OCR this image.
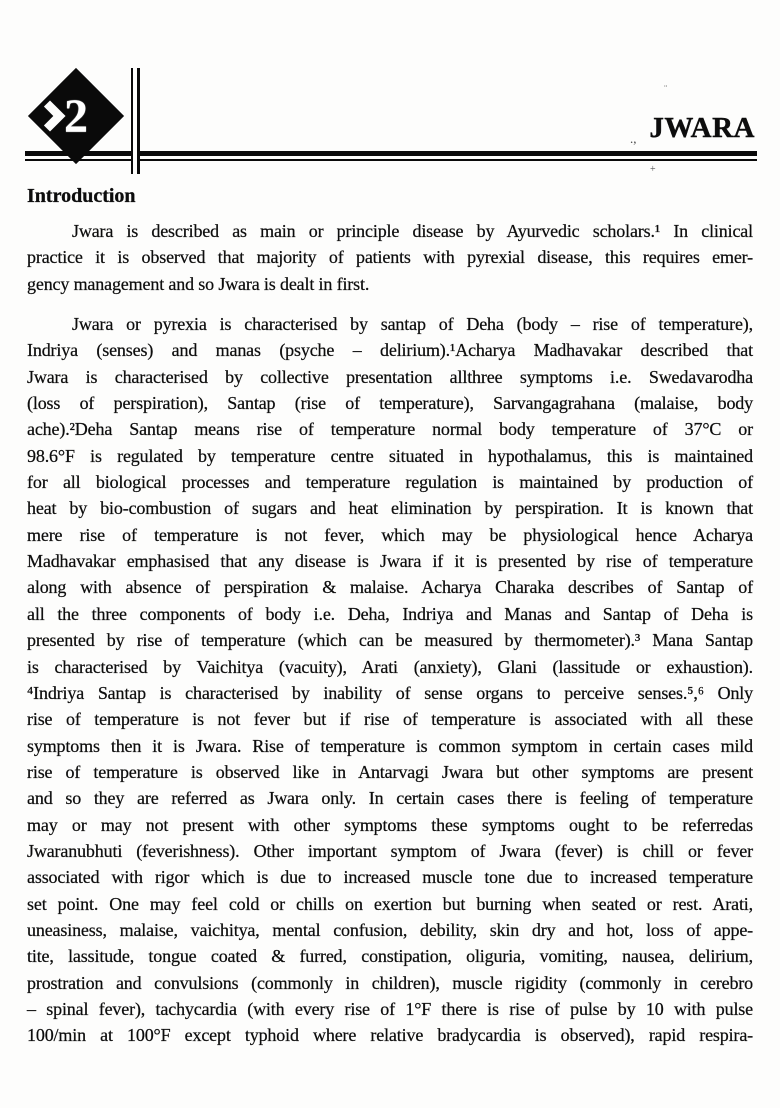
2	¨
., JWARA
+
Introduction
Jwara is described as main or principle disease by Ayurvedic scholars.¹ In clinical
practice it is observed that majority of patients with pyrexial disease, this requires emer-
gency management and so Jwara is dealt in first.
Jwara or pyrexia is characterised by santap of Deha (body – rise of temperature),
Indriya (senses) and manas (psyche – delirium).¹Acharya Madhavakar described that
Jwara is characterised by collective presentation allthree symptoms i.e. Swedavarodha
(loss of perspiration), Santap (rise of temperature), Sarvangagrahana (malaise, body
ache).²Deha Santap means rise of temperature normal body temperature of 37°C or
98.6°F is regulated by temperature centre situated in hypothalamus, this is maintained
for all biological processes and temperature regulation is maintained by production of
heat by bio-combustion of sugars and heat elimination by perspiration. It is known that
mere rise of temperature is not fever, which may be physiological hence Acharya
Madhavakar emphasised that any disease is Jwara if it is presented by rise of temperature
along with absence of perspiration & malaise. Acharya Charaka describes of Santap of
all the three components of body i.e. Deha, Indriya and Manas and Santap of Deha is
presented by rise of temperature (which can be measured by thermometer).³ Mana Santap
is characterised by Vaichitya (vacuity), Arati (anxiety), Glani (lassitude or exhaustion).
⁴Indriya Santap is characterised by inability of sense organs to perceive senses.⁵,⁶ Only
rise of temperature is not fever but if rise of temperature is associated with all these
symptoms then it is Jwara. Rise of temperature is common symptom in certain cases mild
rise of temperature is observed like in Antarvagi Jwara but other symptoms are present
and so they are referred as Jwara only. In certain cases there is feeling of temperature
may or may not present with other symptoms these symptoms ought to be referredas
Jwaranubhuti (feverishness). Other important symptom of Jwara (fever) is chill or fever
associated with rigor which is due to increased muscle tone due to increased temperature
set point. One may feel cold or chills on exertion but burning when seated or rest. Arati,
uneasiness, malaise, vaichitya, mental confusion, debility, skin dry and hot, loss of appe-
tite, lassitude, tongue coated & furred, constipation, oliguria, vomiting, nausea, delirium,
prostration and convulsions (commonly in children), muscle rigidity (commonly in cerebro
– spinal fever), tachycardia (with every rise of 1°F there is rise of pulse by 10 with pulse
100/min at 100°F except typhoid where relative bradycardia is observed), rapid respira-
